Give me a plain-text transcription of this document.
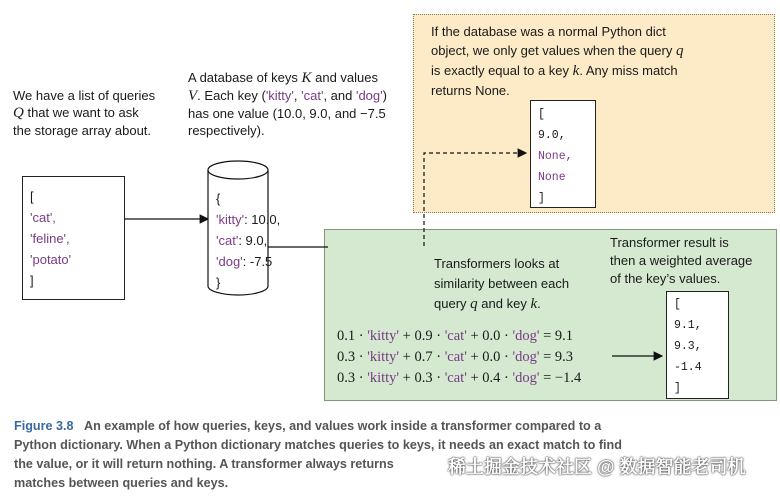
We have a list of queries
Q that we want to ask
the storage array about.
[
'cat',
'feline',
'potato'
]
A database of keys K and values
V. Each key ('kitty', 'cat', and 'dog')
has one value (10.0, 9.0, and −7.5
respectively).
{
'kitty': 10.0,
'cat': 9.0,
'dog': -7.5
}
If the database was a normal Python dict
object, we only get values when the query q
is exactly equal to a key k. Any miss match
returns None.
[
9.0,
None,
None
]
Transformers looks at
similarity between each
query q and key k.
Transformer result is
then a weighted average
of the key’s values.
[
9.1,
9.3,
-1.4
]
0.1 · 'kitty' + 0.9 · 'cat' + 0.0 · 'dog' = 9.1
0.3 · 'kitty' + 0.7 · 'cat' + 0.0 · 'dog' = 9.3
0.3 · 'kitty' + 0.3 · 'cat' + 0.4 · 'dog' = −1.4
Figure 3.8 An example of how queries, keys, and values work inside a transformer compared to a
Python dictionary. When a Python dictionary matches queries to keys, it needs an exact match to find
the value, or it will return nothing. A transformer always returns
matches between queries and keys.
稀土掘金技术社区 @ 数据智能老司机
